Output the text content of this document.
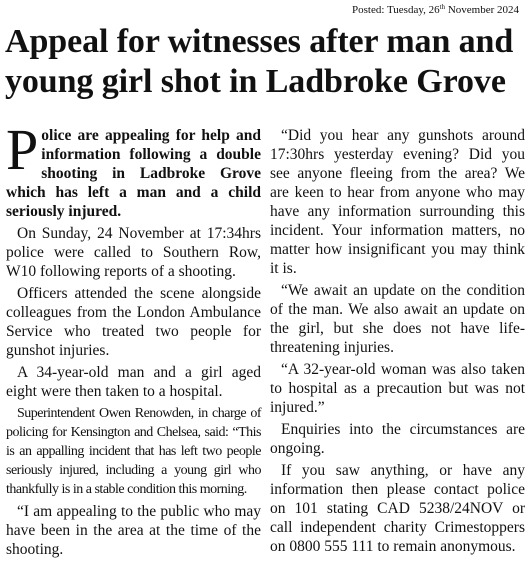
Posted: Tuesday, 26th November 2024
Appeal for witnesses after man and young girl shot in Ladbroke Grove

Police are appealing for help and information following a double shooting in Ladbroke Grove which has left a man and a child seriously injured.

On Sunday, 24 November at 17:34hrs police were called to Southern Row, W10 following reports of a shooting.

Officers attended the scene alongside colleagues from the London Ambulance Service who treated two people for gunshot injuries.

A 34-year-old man and a girl aged eight were then taken to a hospital.

Superintendent Owen Renowden, in charge of policing for Kensington and Chelsea, said: “This is an appalling incident that has left two people seriously injured, including a young girl who thankfully is in a stable condition this morning.

“I am appealing to the public who may have been in the area at the time of the shooting.

“Did you hear any gunshots around 17:30hrs yesterday evening? Did you see anyone fleeing from the area? We are keen to hear from anyone who may have any information surrounding this incident. Your information matters, no matter how insignificant you may think it is.

“We await an update on the condition of the man. We also await an update on the girl, but she does not have life-threatening injuries.

“A 32-year-old woman was also taken to hospital as a precaution but was not injured.”

Enquiries into the circumstances are ongoing.

If you saw anything, or have any information then please contact police on 101 stating CAD 5238/24NOV or call independent charity Crimestoppers on 0800 555 111 to remain anonymous.
